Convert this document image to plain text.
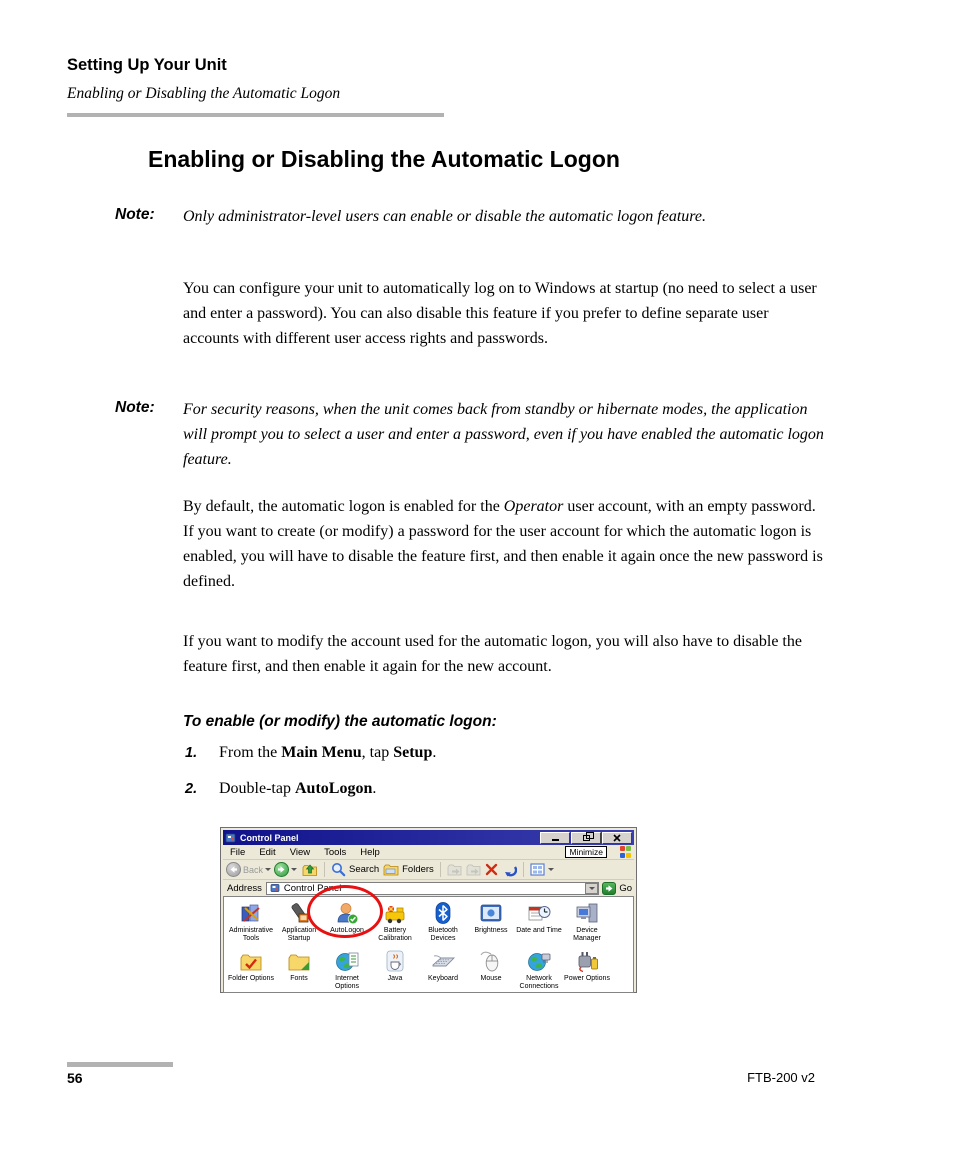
Setting Up Your Unit
Enabling or Disabling the Automatic Logon
Enabling or Disabling the Automatic Logon
Note:	Only administrator-level users can enable or disable the automatic logon feature.
You can configure your unit to automatically log on to Windows at startup (no need to select a user and enter a password). You can also disable this feature if you prefer to define separate user accounts with different user access rights and passwords.
Note:	For security reasons, when the unit comes back from standby or hibernate modes, the application will prompt you to select a user and enter a password, even if you have enabled the automatic logon feature.
By default, the automatic logon is enabled for the Operator user account, with an empty password. If you want to create (or modify) a password for the user account for which the automatic logon is enabled, you will have to disable the feature first, and then enable it again once the new password is defined.
If you want to modify the account used for the automatic logon, you will also have to disable the feature first, and then enable it again for the new account.
To enable (or modify) the automatic logon:
1.	From the Main Menu, tap Setup.
2.	Double-tap AutoLogon.
Control Panel
File	Edit	View	Tools	Help	Minimize
Back	Search Folders
Address Control Panel	Go
Administrative Tools
Application Startup
AutoLogon	Battery Calibration
Bluetooth Devices
Brightness Date and Time	Device Manager
Folder Options Fonts	Internet Options
Java	Keyboard	Mouse	Network Connections
Power Options
56	FTB-200 v2
